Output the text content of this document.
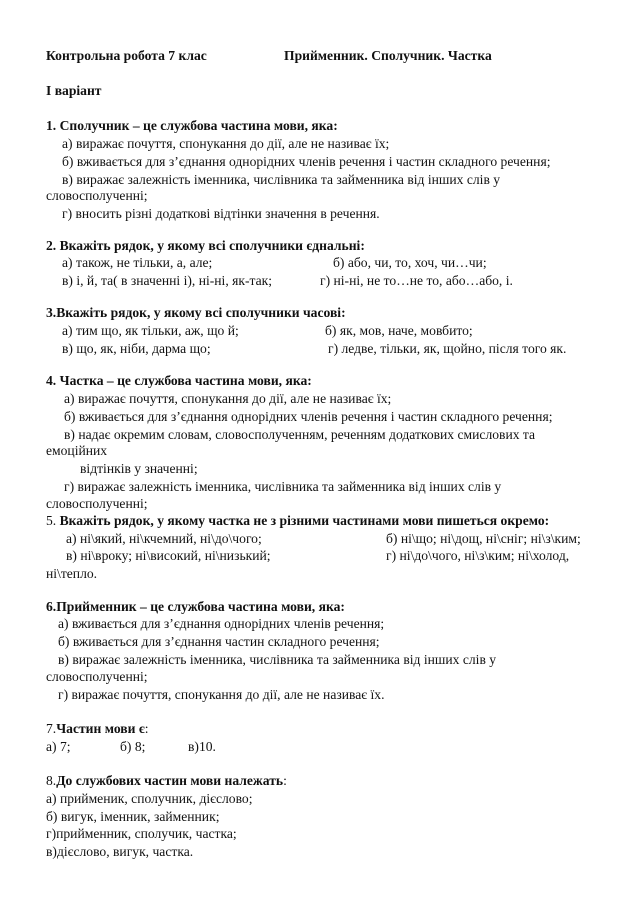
Контрольна робота 7 клас	Прийменник. Сполучник. Частка
І варіант
1. Сполучник – це службова частина мови, яка:
а) виражає почуття, спонукання до дії, але не називає їх;
б) вживається для з’єднання однорідних членів речення і частин складного речення;
в) виражає залежність іменника, числівника та займенника від інших слів у
словосполученні;
г) вносить різні додаткові відтінки значення в речення.
2. Вкажіть рядок, у якому всі сполучники єднальні:
а) також, не тільки, а, але;	б) або, чи, то, хоч, чи…чи;
в) і, й, та( в значенні і), ні-ні, як-так;	г) ні-ні, не то…не то, або…або, і.
3.Вкажіть рядок, у якому всі сполучники часові:
а) тим що, як тільки, аж, що й;	б) як, мов, наче, мовбито;
в) що, як, ніби, дарма що;	г) ледве, тільки, як, щойно, після того як.
4. Частка – це службова частина мови, яка:
а) виражає почуття, спонукання до дії, але не називає їх;
б) вживається для з’єднання однорідних членів речення і частин складного речення;
в) надає окремим словам, словосполученням, реченням додаткових смислових та
емоційних
відтінків у значенні;
г) виражає залежність іменника, числівника та займенника від інших слів у
словосполученні;
5. Вкажіть рядок, у якому частка не з різними частинами мови пишеться окремо:
а) ні\який, ні\кчемний, ні\до\чого;	б) ні\що; ні\дощ, ні\сніг; ні\з\ким;
в) ні\вроку; ні\високий, ні\низький;	г) ні\до\чого, ні\з\ким; ні\холод,
ні\тепло.
6.Прийменник – це службова частина мови, яка:
а) вживається для з’єднання однорідних членів речення;
б) вживається для з’єднання частин складного речення;
в) виражає залежність іменника, числівника та займенника від інших слів у
словосполученні;
г) виражає почуття, спонукання до дії, але не називає їх.
7.Частин мови є:
а) 7;	б) 8;	в)10.
8.До службових частин мови належать:
а) прийменик, сполучник, дієслово;
б) вигук, іменник, займенник;
г)прийменник, сполучик, частка;
в)дієслово, вигук, частка.
